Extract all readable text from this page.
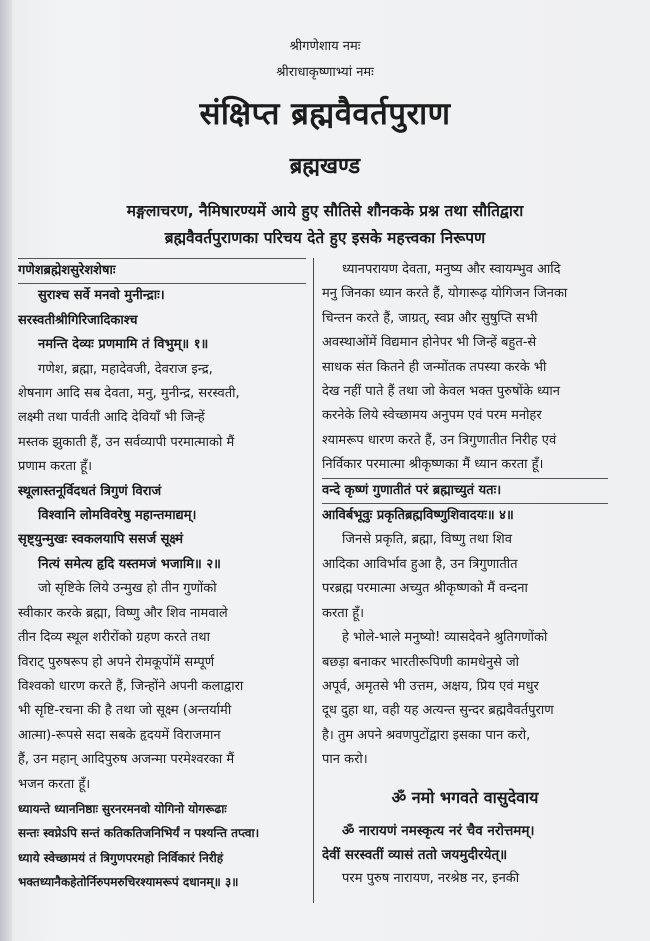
श्रीगणेशाय नमः
श्रीराधाकृष्णाभ्यां नमः
संक्षिप्त ब्रह्मवैवर्तपुराण
ब्रह्मखण्ड
मङ्गलाचरण, नैमिषारण्यमें आये हुए सौतिसे शौनकके प्रश्न तथा सौतिद्वारा
ब्रह्मवैवर्तपुराणका परिचय देते हुए इसके महत्त्वका निरूपण
गणेशब्रह्मेशसुरेशशेषाः
सुराश्च सर्वे मनवो मुनीन्द्राः।
सरस्वतीश्रीगिरिजादिकाश्च
नमन्ति देव्यः प्रणमामि तं विभुम्॥ १॥
गणेश, ब्रह्मा, महादेवजी, देवराज इन्द्र,
शेषनाग आदि सब देवता, मनु, मुनीन्द्र, सरस्वती,
लक्ष्मी तथा पार्वती आदि देवियाँ भी जिन्हें
मस्तक झुकाती हैं, उन सर्वव्यापी परमात्माको मैं
प्रणाम करता हूँ।
स्थूलास्तनूर्विदधतं त्रिगुणं विराजं
विश्वानि लोमविवरेषु महान्तमाद्यम्।
सृष्ट्युन्मुखः स्वकलयापि ससर्ज सूक्ष्मं
नित्यं समेत्य हृदि यस्तमजं भजामि॥ २॥
जो सृष्टिके लिये उन्मुख हो तीन गुणोंको
स्वीकार करके ब्रह्मा, विष्णु और शिव नामवाले
तीन दिव्य स्थूल शरीरोंको ग्रहण करते तथा
विराट् पुरुषरूप हो अपने रोमकूपोंमें सम्पूर्ण
विश्वको धारण करते हैं, जिन्होंने अपनी कलाद्वारा
भी सृष्टि-रचना की है तथा जो सूक्ष्म (अन्तर्यामी
आत्मा)-रूपसे सदा सबके हृदयमें विराजमान
हैं, उन महान् आदिपुरुष अजन्मा परमेश्वरका मैं
भजन करता हूँ।
ध्यायन्ते ध्याननिष्ठाः सुरनरमनवो योगिनो योगरूढाः
सन्तः स्वप्नेऽपि सन्तं कतिकतिजनिभिर्यं न पश्यन्ति तप्त्वा।
ध्याये स्वेच्छामयं तं त्रिगुणपरमहो निर्विकारं निरीहं
भक्तध्यानैकहेतोर्निरुपमरुचिरश्यामरूपं दधानम्॥ ३॥
ध्यानपरायण देवता, मनुष्य और स्वायम्भुव आदि
मनु जिनका ध्यान करते हैं, योगारूढ़ योगिजन जिनका
चिन्तन करते हैं, जाग्रत्, स्वप्न और सुषुप्ति सभी
अवस्थाओंमें विद्यमान होनेपर भी जिन्हें बहुत-से
साधक संत कितने ही जन्मोंतक तपस्या करके भी
देख नहीं पाते हैं तथा जो केवल भक्त पुरुषोंके ध्यान
करनेके लिये स्वेच्छामय अनुपम एवं परम मनोहर
श्यामरूप धारण करते हैं, उन त्रिगुणातीत निरीह एवं
निर्विकार परमात्मा श्रीकृष्णका मैं ध्यान करता हूँ।
वन्दे कृष्णं गुणातीतं परं ब्रह्माच्युतं यतः।
आविर्बभूवुः प्रकृतिब्रह्मविष्णुशिवादयः॥ ४॥
जिनसे प्रकृति, ब्रह्मा, विष्णु तथा शिव
आदिका आविर्भाव हुआ है, उन त्रिगुणातीत
परब्रह्म परमात्मा अच्युत श्रीकृष्णको मैं वन्दना
करता हूँ।
हे भोले-भाले मनुष्यो! व्यासदेवने श्रुतिगणोंको
बछड़ा बनाकर भारतीरूपिणी कामधेनुसे जो
अपूर्व, अमृतसे भी उत्तम, अक्षय, प्रिय एवं मधुर
दूध दुहा था, वही यह अत्यन्त सुन्दर ब्रह्मवैवर्तपुराण
है। तुम अपने श्रवणपुटोंद्वारा इसका पान करो,
पान करो।
ॐ नमो भगवते वासुदेवाय
ॐ नारायणं नमस्कृत्य नरं चैव नरोत्तमम्।
देवीं सरस्वतीं व्यासं ततो जयमुदीरयेत्॥
परम पुरुष नारायण, नरश्रेष्ठ नर, इनकी
